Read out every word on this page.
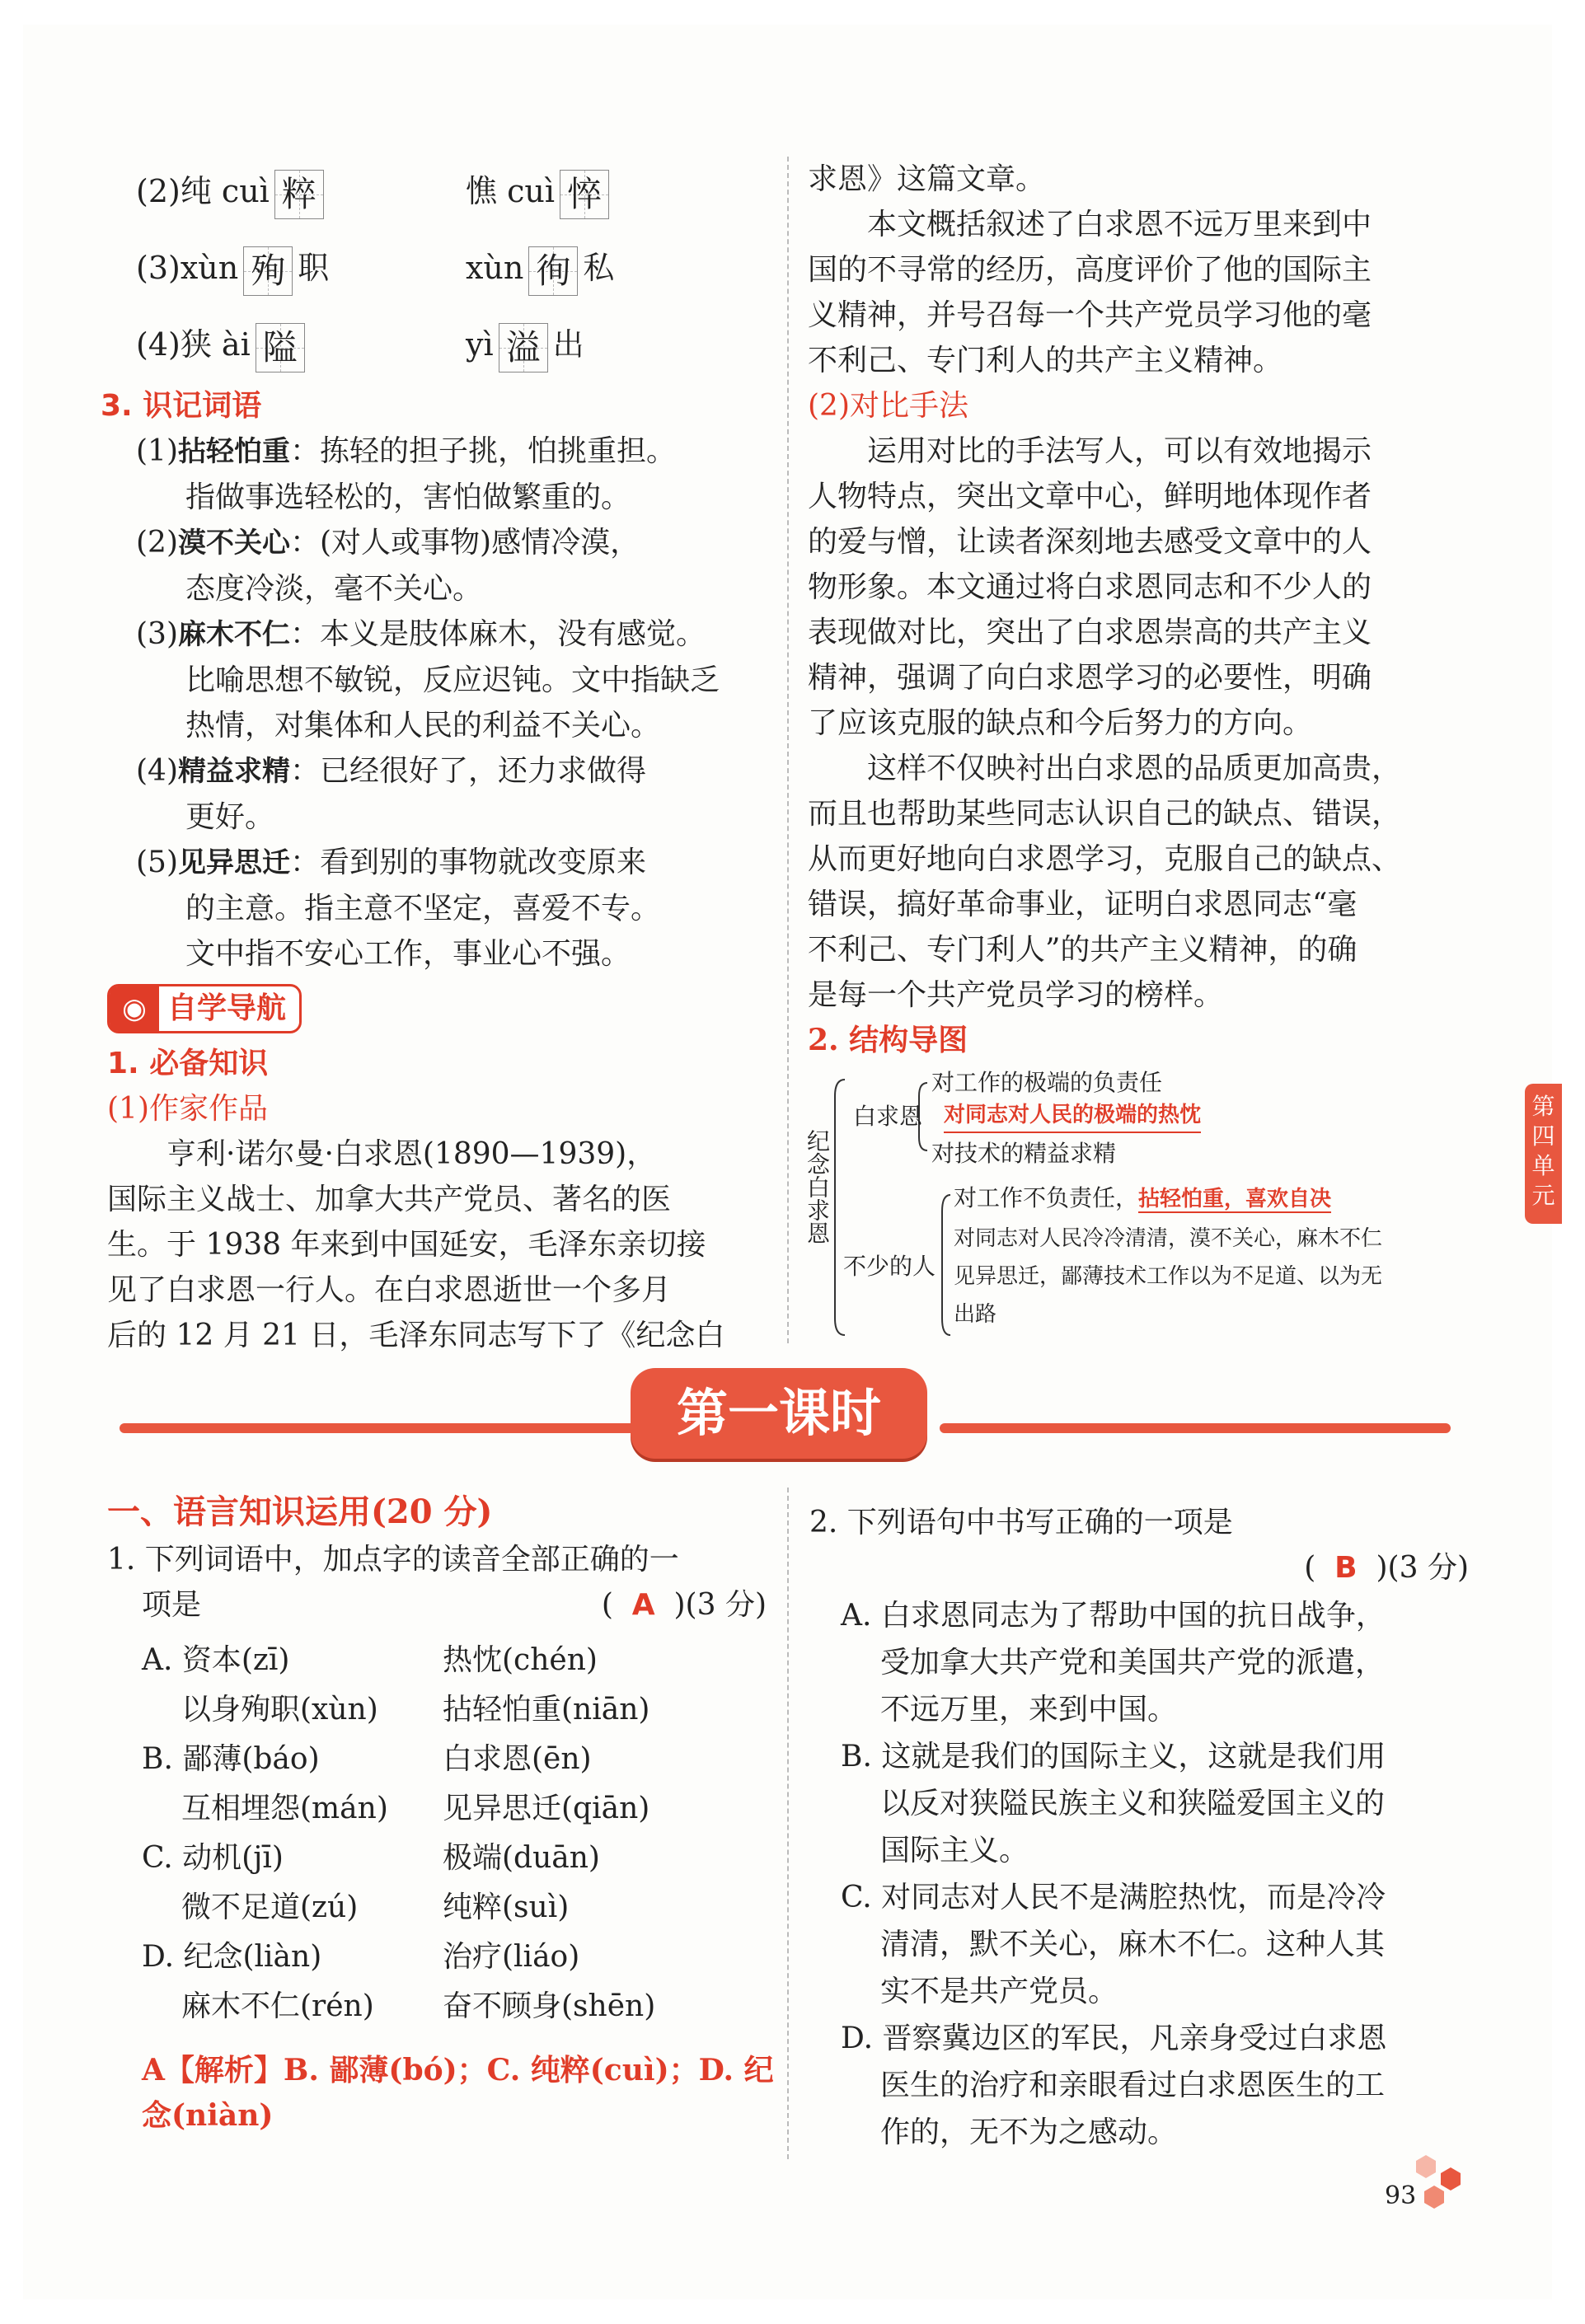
(2)纯 cuì 粹	憔 cuì 悴
(3)xùn 殉 职	xùn 徇 私
(4)狭 ài 隘	yì 溢 出
3. 识记词语
(1)拈轻怕重：拣轻的担子挑，怕挑重担。
指做事选轻松的，害怕做繁重的。
(2)漠不关心：(对人或事物)感情冷漠，
态度冷淡，毫不关心。
(3)麻木不仁：本义是肢体麻木，没有感觉。
比喻思想不敏锐，反应迟钝。文中指缺乏
热情，对集体和人民的利益不关心。
(4)精益求精：已经很好了，还力求做得
更好。
(5)见异思迁：看到别的事物就改变原来
的主意。指主意不坚定，喜爱不专。
文中指不安心工作，事业心不强。
◉ 自学导航
1. 必备知识
(1)作家作品
亨利·诺尔曼·白求恩(1890—1939)，
国际主义战士、加拿大共产党员、著名的医
生。于 1938 年来到中国延安，毛泽东亲切接
见了白求恩一行人。在白求恩逝世一个多月
后的 12 月 21 日，毛泽东同志写下了《纪念白
求恩》这篇文章。
本文概括叙述了白求恩不远万里来到中
国的不寻常的经历，高度评价了他的国际主
义精神，并号召每一个共产党员学习他的毫
不利己、专门利人的共产主义精神。
(2)对比手法
运用对比的手法写人，可以有效地揭示
人物特点，突出文章中心，鲜明地体现作者
的爱与憎，让读者深刻地去感受文章中的人
物形象。本文通过将白求恩同志和不少人的
表现做对比，突出了白求恩崇高的共产主义
精神，强调了向白求恩学习的必要性，明确
了应该克服的缺点和今后努力的方向。
这样不仅映衬出白求恩的品质更加高贵，
而且也帮助某些同志认识自己的缺点、错误，
从而更好地向白求恩学习，克服自己的缺点、
错误，搞好革命事业，证明白求恩同志“毫
不利己、专门利人”的共产主义精神，的确
是每一个共产党员学习的榜样。
2. 结构导图
纪念白求恩
白求恩
对工作的极端的负责任
对同志对人民的极端的热忱
对技术的精益求精
不少的人
对工作不负责任，拈轻怕重，喜欢自决
对同志对人民冷冷清清，漠不关心，麻木不仁
见异思迁，鄙薄技术工作以为不足道、以为无
出路
第四单元
第一课时
一、语言知识运用(20 分)
1. 下列词语中，加点字的读音全部正确的一
项是	( A )(3 分)
A. 资本(zī)	热忱(chén)
以身殉职(xùn)	拈轻怕重(niān)
B. 鄙薄(báo)	白求恩(ēn)
互相埋怨(mán)	见异思迁(qiān)
C. 动机(jī)	极端(duān)
微不足道(zú)	纯粹(suì)
D. 纪念(liàn)	治疗(liáo)
麻木不仁(rén)	奋不顾身(shēn)
A【解析】B. 鄙薄(bó)；C. 纯粹(cuì)；D. 纪
念(niàn)
2. 下列语句中书写正确的一项是
( B )(3 分)
A. 白求恩同志为了帮助中国的抗日战争，
受加拿大共产党和美国共产党的派遣，
不远万里，来到中国。
B. 这就是我们的国际主义，这就是我们用
以反对狭隘民族主义和狭隘爱国主义的
国际主义。
C. 对同志对人民不是满腔热忱，而是冷冷
清清，默不关心，麻木不仁。这种人其
实不是共产党员。
D. 晋察冀边区的军民，凡亲身受过白求恩
医生的治疗和亲眼看过白求恩医生的工
作的，无不为之感动。
93
